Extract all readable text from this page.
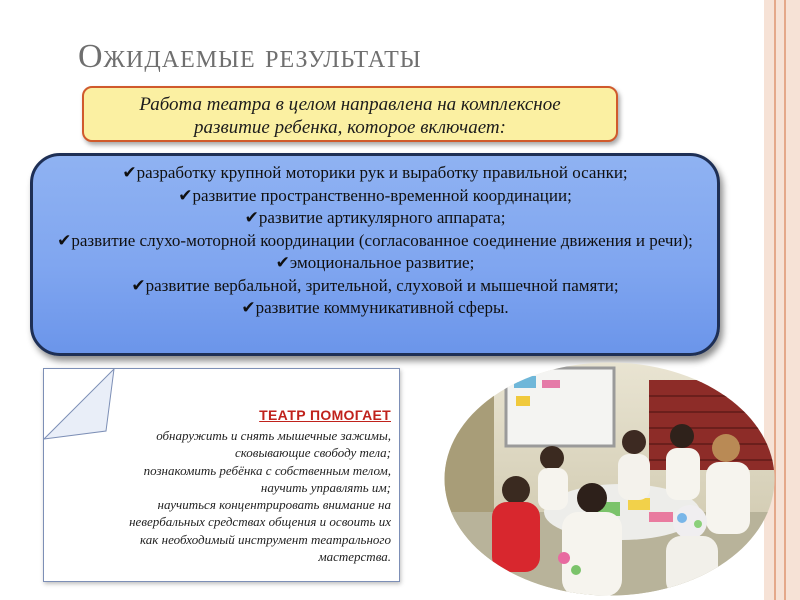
Ожидаемые результаты
Работа театра в целом направлена на комплексное
развитие ребенка, которое включает:
✔разработку крупной моторики рук и выработку правильной осанки;
✔развитие пространственно-временной координации;
✔развитие артикулярного аппарата;
✔развитие слухо-моторной координации (согласованное соединение движения и речи);
✔эмоциональное развитие;
✔развитие вербальной, зрительной, слуховой и мышечной памяти;
✔развитие коммуникативной сферы.
ТЕАТР ПОМОГАЕТ
обнаружить и снять мышечные зажимы,
сковывающие свободу тела;
познакомить ребёнка с собственным телом,
научить управлять им;
научиться концентрировать внимание на
невербальных средствах общения и освоить их
как необходимый инструмент театрального
мастерства.
